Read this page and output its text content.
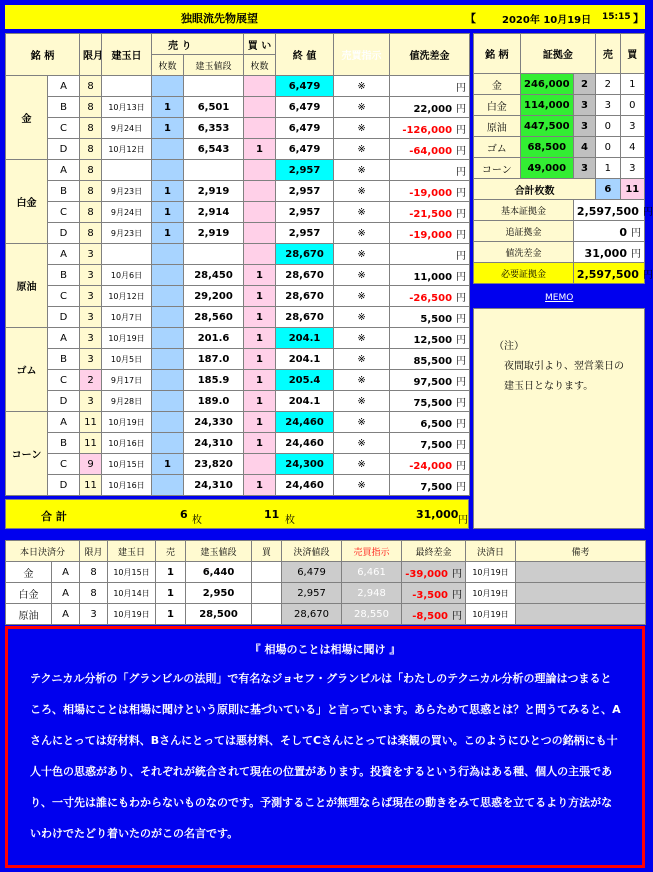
独眼流先物展望	【	2020年 10月19日 15:15 】
銘 柄		限月	建玉日	売 り		買 い	終 値	売買指示	値洗差金
				枚数	建玉値段	枚数			
金	A	8					6,479	※	円
	B	8	10月13日	1	6,501		6,479	※	22,000 円
	C	8	9月24日	1	6,353		6,479	※	-126,000 円
	D	8	10月12日		6,543	1	6,479	※	-64,000 円
白金	A	8					2,957	※	円
	B	8	9月23日	1	2,919		2,957	※	-19,000 円
	C	8	9月24日	1	2,914		2,957	※	-21,500 円
	D	8	9月23日	1	2,919		2,957	※	-19,000 円
原油	A	3					28,670	※	円
	B	3	10月6日		28,450	1	28,670	※	11,000 円
	C	3	10月12日		29,200	1	28,670	※	-26,500 円
	D	3	10月7日		28,560	1	28,670	※	5,500 円
ゴム	A	3	10月19日		201.6	1	204.1	※	12,500 円
	B	3	10月5日		187.0	1	204.1	※	85,500 円
	C	2	9月17日		185.9	1	205.4	※	97,500 円
	D	3	9月28日		189.0	1	204.1	※	75,500 円
コーン	A	11	10月19日		24,330	1	24,460	※	6,500 円
	B	11	10月16日		24,310	1	24,460	※	7,500 円
	C	9	10月15日	1	23,820		24,300	※	-24,000 円
	D	11	10月16日		24,310	1	24,460	※	7,500 円
合 計	6 枚	11 枚	31,000 円
銘 柄	証拠金		売	買
金	246,000	2	2	1
白金	114,000	3	3	0
原油	447,500	3	0	3
ゴム	68,500	4	0	4
コーン	49,000	3	1	3
合計枚数			6	11
基本証拠金		2,597,500 円		
追証拠金		0 円		
値洗差金		31,000 円		
必要証拠金		2,597,500 円		
MEMO
（注）
夜間取引より、翌営業日の
建玉日となります。
本日決済分		限月	建玉日	売	建玉値段	買	決済値段	売買指示	最終差金	決済日	備考
金	A	8	10月15日	1	6,440		6,479	6,461	-39,000 円	10月19日	
白金	A	8	10月14日	1	2,950		2,957	2,948	-3,500 円	10月19日	
原油	A	3	10月19日	1	28,500		28,670	28,550	-8,500 円	10月19日	
『 相場のことは相場に聞け 』
テクニカル分析の「グランビルの法則」で有名なジョセフ・グランビルは「わたしのテクニカル分析の理論はつまるところ、相場にことは相場に聞けという原則に基づいている」と言っています。あらためて思惑とは？と問うてみると、Aさんにとっては好材料、Bさんにとっては悪材料、そしてCさんにとっては楽観の買い。このようにひとつの銘柄にも十人十色の思惑があり、それぞれが統合されて現在の位置があります。投資をするという行為はある種、個人の主張であり、一寸先は誰にもわからないものなのです。予測することが無理ならば現在の動きをみて思惑を立てるより方法がないわけでたどり着いたのがこの名言です。
